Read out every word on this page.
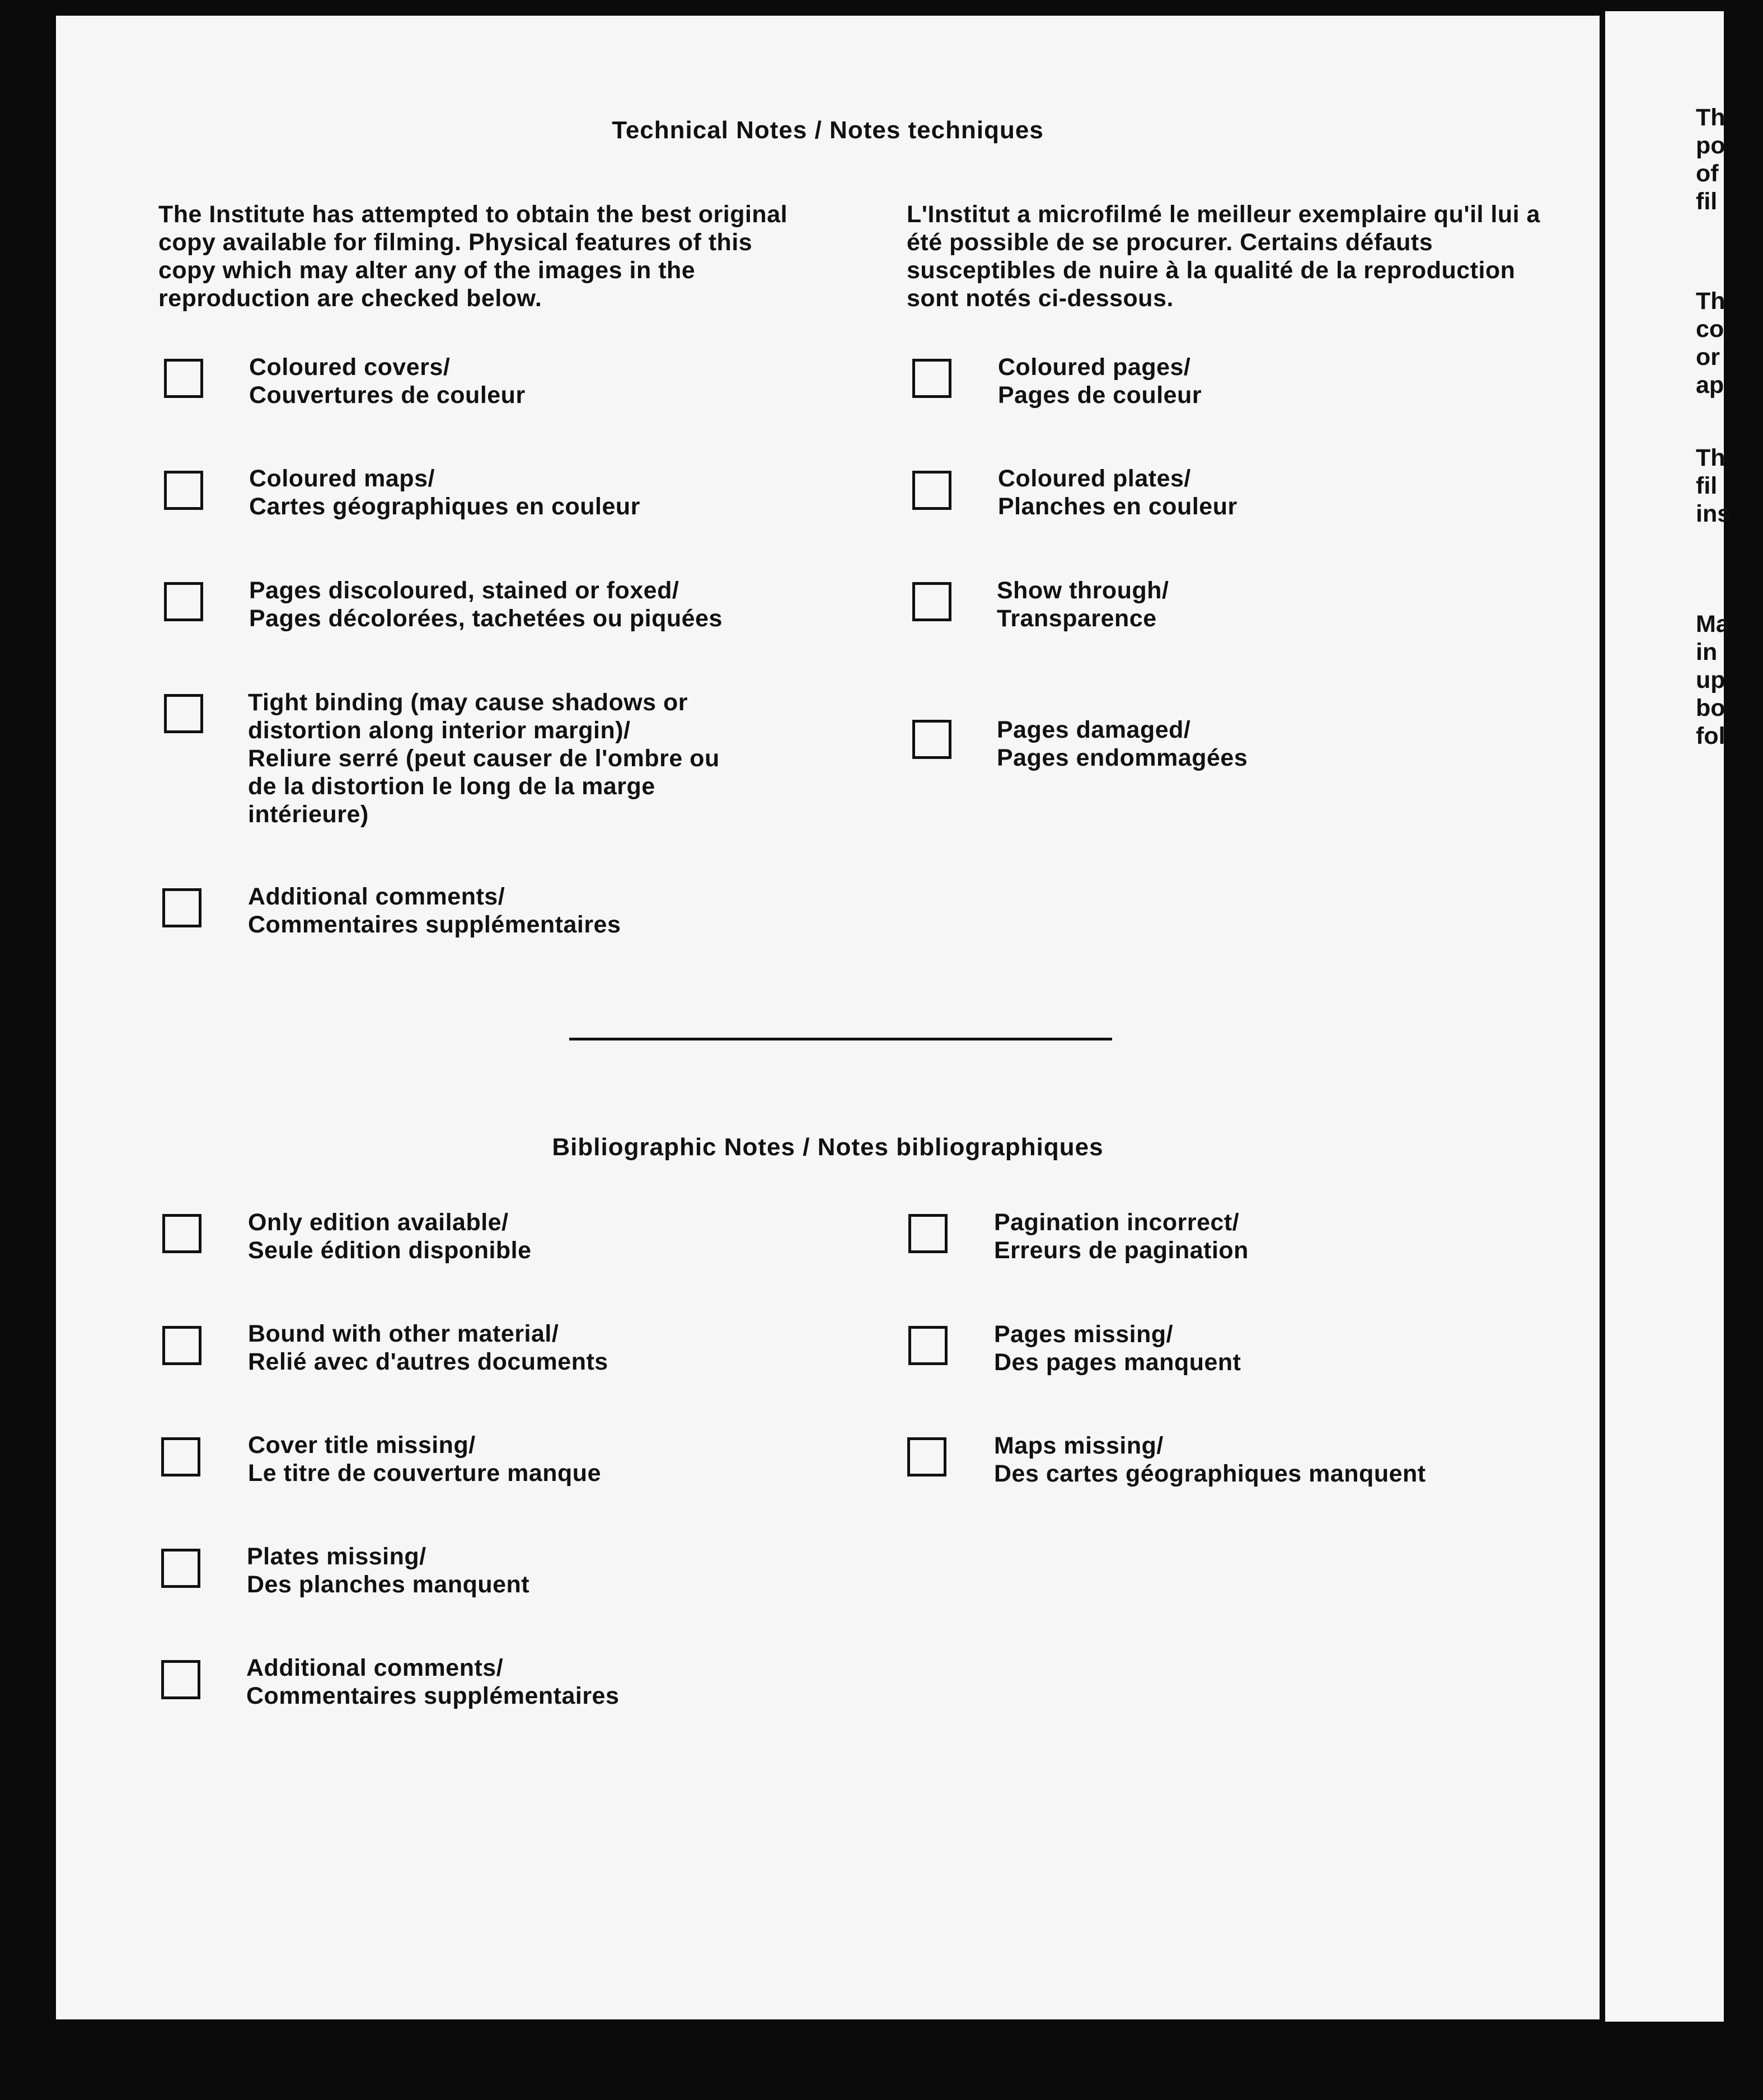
Technical Notes / Notes techniques
The Institute has attempted to obtain the best original copy available for filming. Physical features of this copy which may alter any of the images in the reproduction are checked below.
L'Institut a microfilmé le meilleur exemplaire qu'il lui a été possible de se procurer. Certains défauts susceptibles de nuire à la qualité de la reproduction sont notés ci-dessous.
Coloured covers/
Couvertures de couleur
Coloured maps/
Cartes géographiques en couleur
Pages discoloured, stained or foxed/
Pages décolorées, tachetées ou piquées
Tight binding (may cause shadows or
distortion along interior margin)/
Reliure serré (peut causer de l'ombre ou
de la distortion le long de la marge
intérieure)
Additional comments/
Commentaires supplémentaires
Coloured pages/
Pages de couleur
Coloured plates/
Planches en couleur
Show through/
Transparence
Pages damaged/
Pages endommagées
Bibliographic Notes / Notes bibliographiques
Only edition available/
Seule édition disponible
Bound with other material/
Relié avec d'autres documents
Cover title missing/
Le titre de couverture manque
Plates missing/
Des planches manquent
Additional comments/
Commentaires supplémentaires
Pagination incorrect/
Erreurs de pagination
Pages missing/
Des pages manquent
Maps missing/
Des cartes géographiques manquent
Th
po
of
fil
Th
co
or
ap
Th
fil
ins
Ma
in
up
bo
fol
